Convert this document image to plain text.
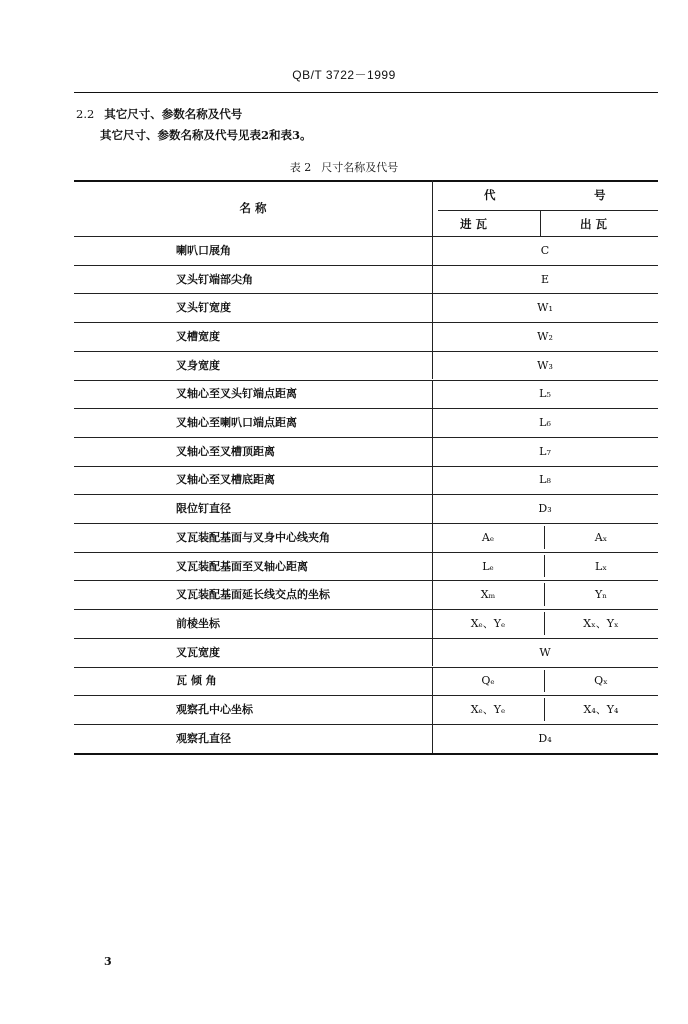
QB/T 3722－1999
2.2 其它尺寸、参数名称及代号
其它尺寸、参数名称及代号见表2和表3。
表 2 尺寸名称及代号
名 称
代	号
进 瓦	出 瓦
喇叭口展角	C
叉头钉端部尖角	E
叉头钉宽度	W₁
叉槽宽度	W₂
叉身宽度	W₃
叉轴心至叉头钉端点距离	L₅
叉轴心至喇叭口端点距离	L₆
叉轴心至叉槽顶距离	L₇
叉轴心至叉槽底距离	L₈
限位钉直径	D₃
叉瓦装配基面与叉身中心线夹角	Aₑ	Aₓ
叉瓦装配基面至叉轴心距离	Lₑ	Lₓ
叉瓦装配基面延长线交点的坐标	Xₘ	Yₙ
前棱坐标	Xₑ、Yₑ	Xₓ、Yₓ
叉瓦宽度	W
瓦 倾 角	Qₑ	Qₓ
观察孔中心坐标	Xₑ、Yₑ	X₄、Y₄
观察孔直径	D₄
3
